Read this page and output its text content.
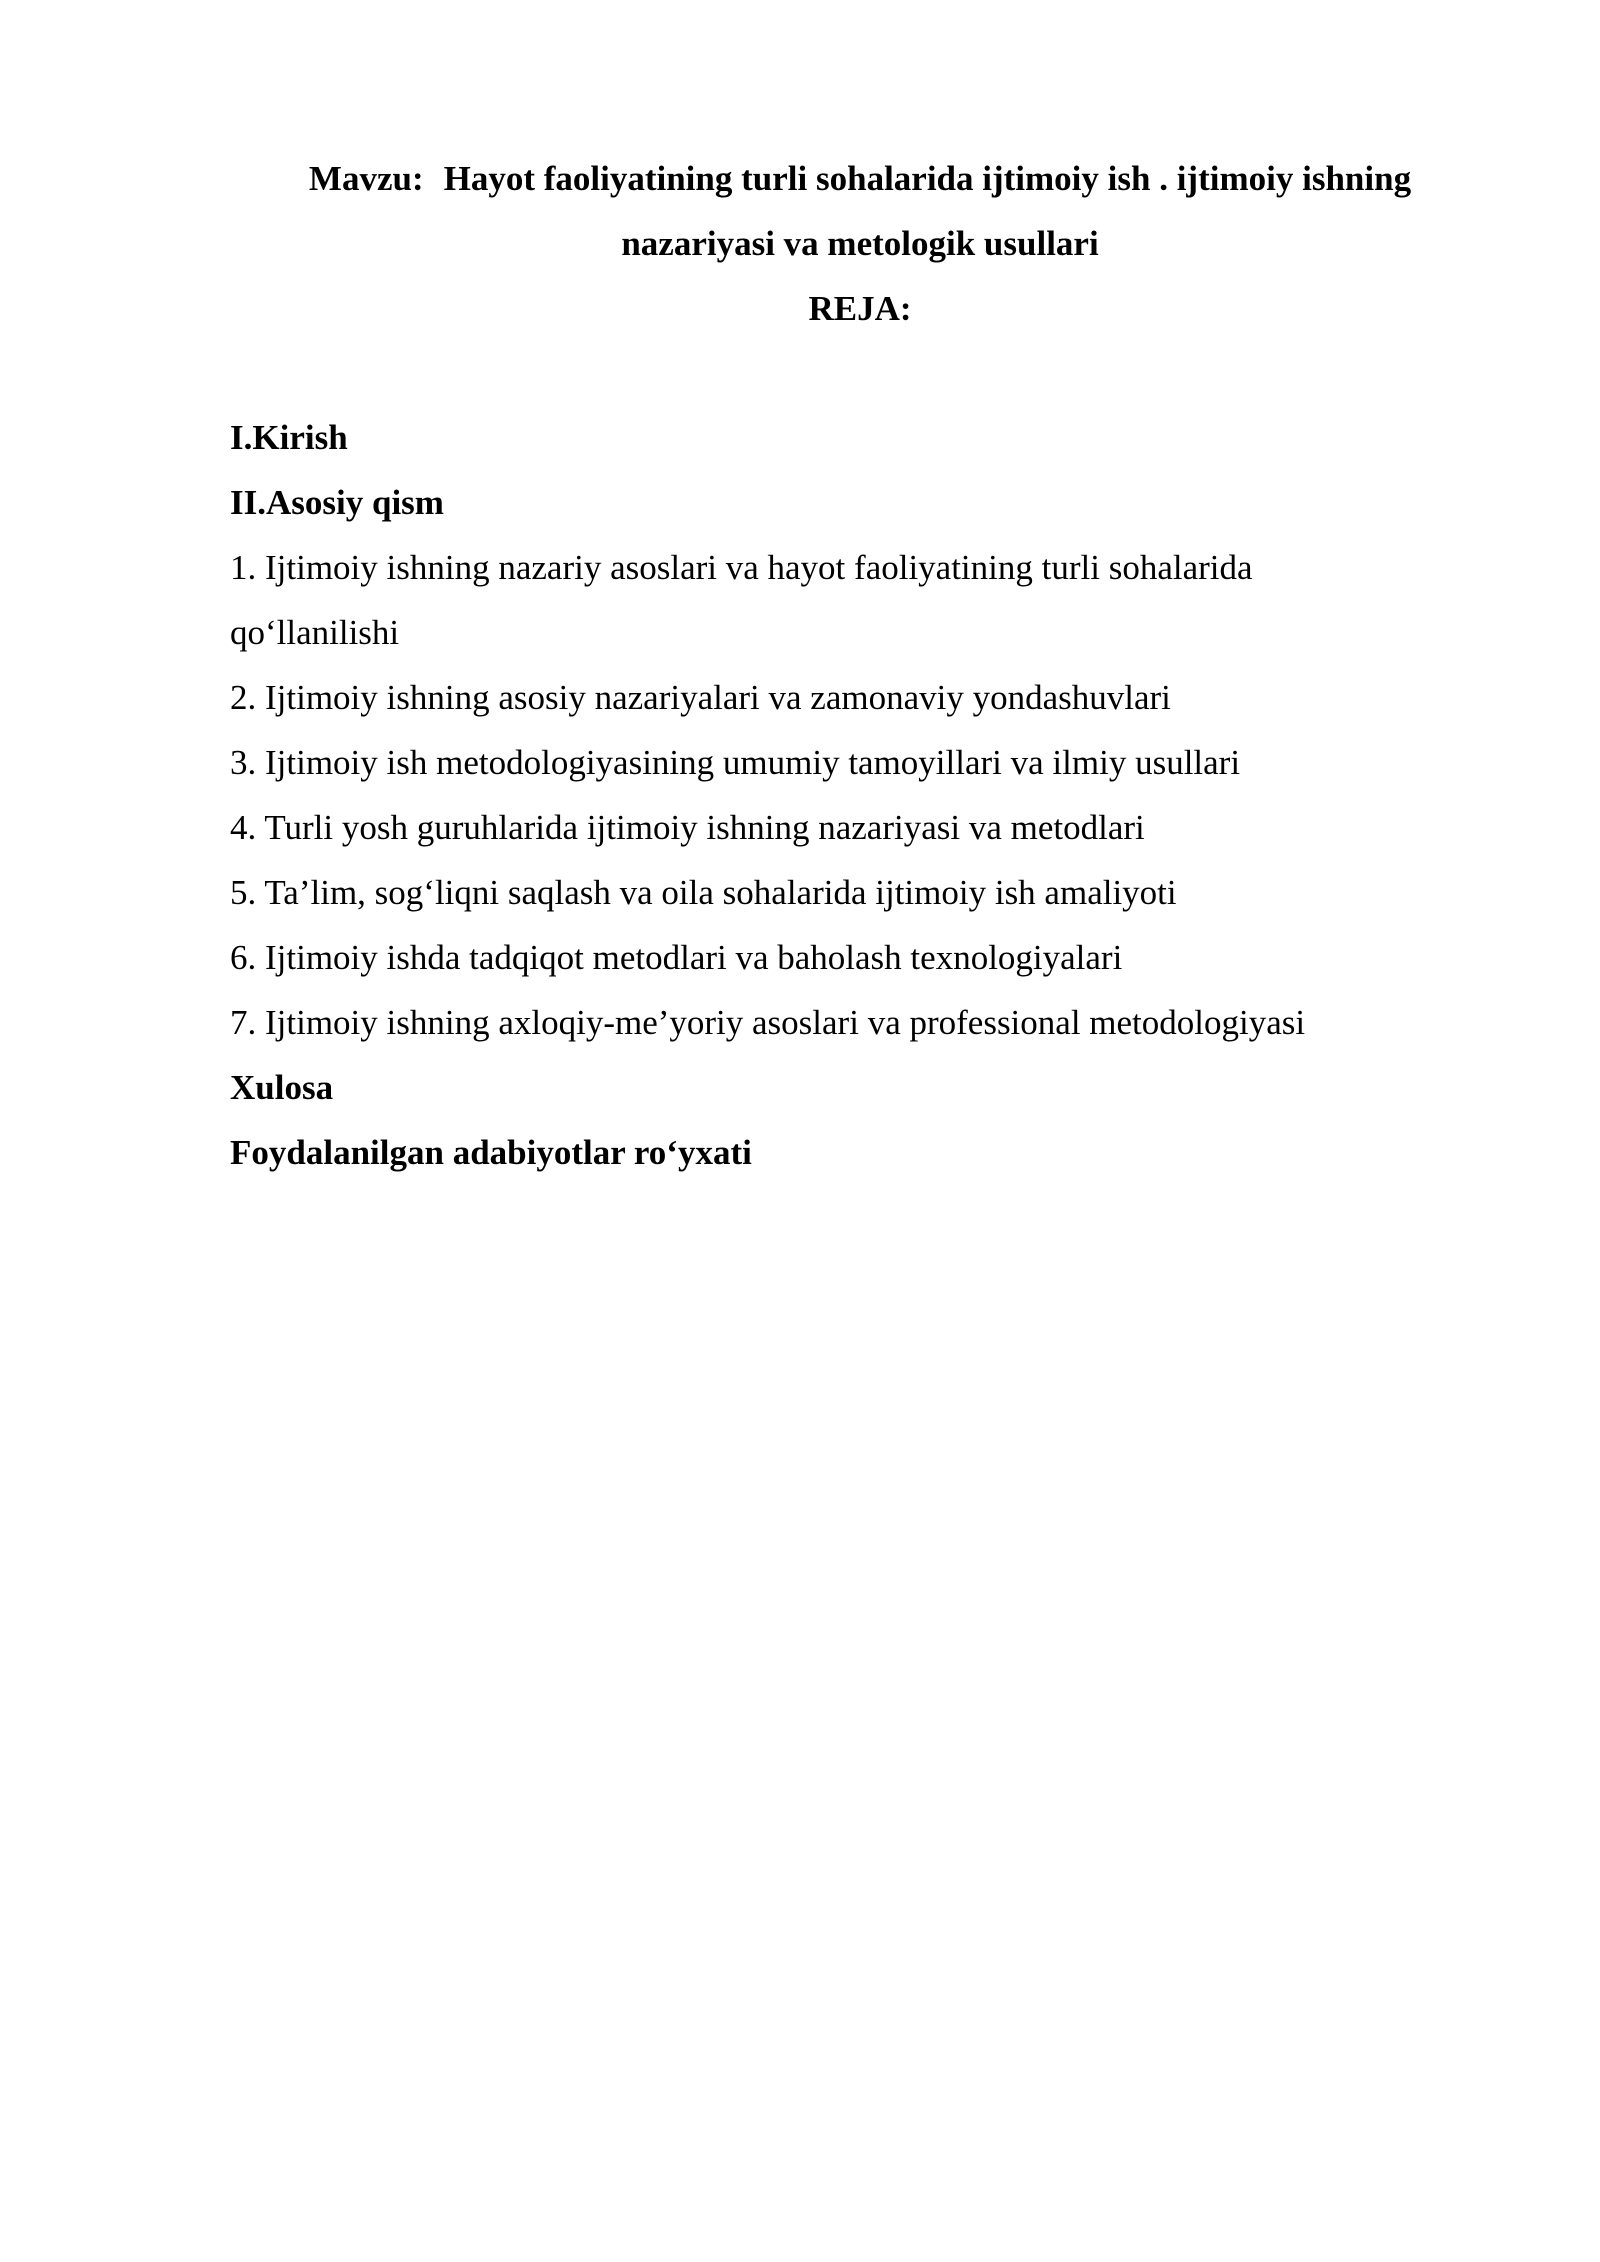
Mavzu: Hayot faoliyatining turli sohalarida ijtimoiy ish . ijtimoiy ishning
nazariyasi va metologik usullari
REJA:
I.Kirish
II.Asosiy qism
1. Ijtimoiy ishning nazariy asoslari va hayot faoliyatining turli sohalarida
qo‘llanilishi
2. Ijtimoiy ishning asosiy nazariyalari va zamonaviy yondashuvlari
3. Ijtimoiy ish metodologiyasining umumiy tamoyillari va ilmiy usullari
4. Turli yosh guruhlarida ijtimoiy ishning nazariyasi va metodlari
5. Ta’lim, sog‘liqni saqlash va oila sohalarida ijtimoiy ish amaliyoti
6. Ijtimoiy ishda tadqiqot metodlari va baholash texnologiyalari
7. Ijtimoiy ishning axloqiy-me’yoriy asoslari va professional metodologiyasi
Xulosa
Foydalanilgan adabiyotlar ro‘yxati
